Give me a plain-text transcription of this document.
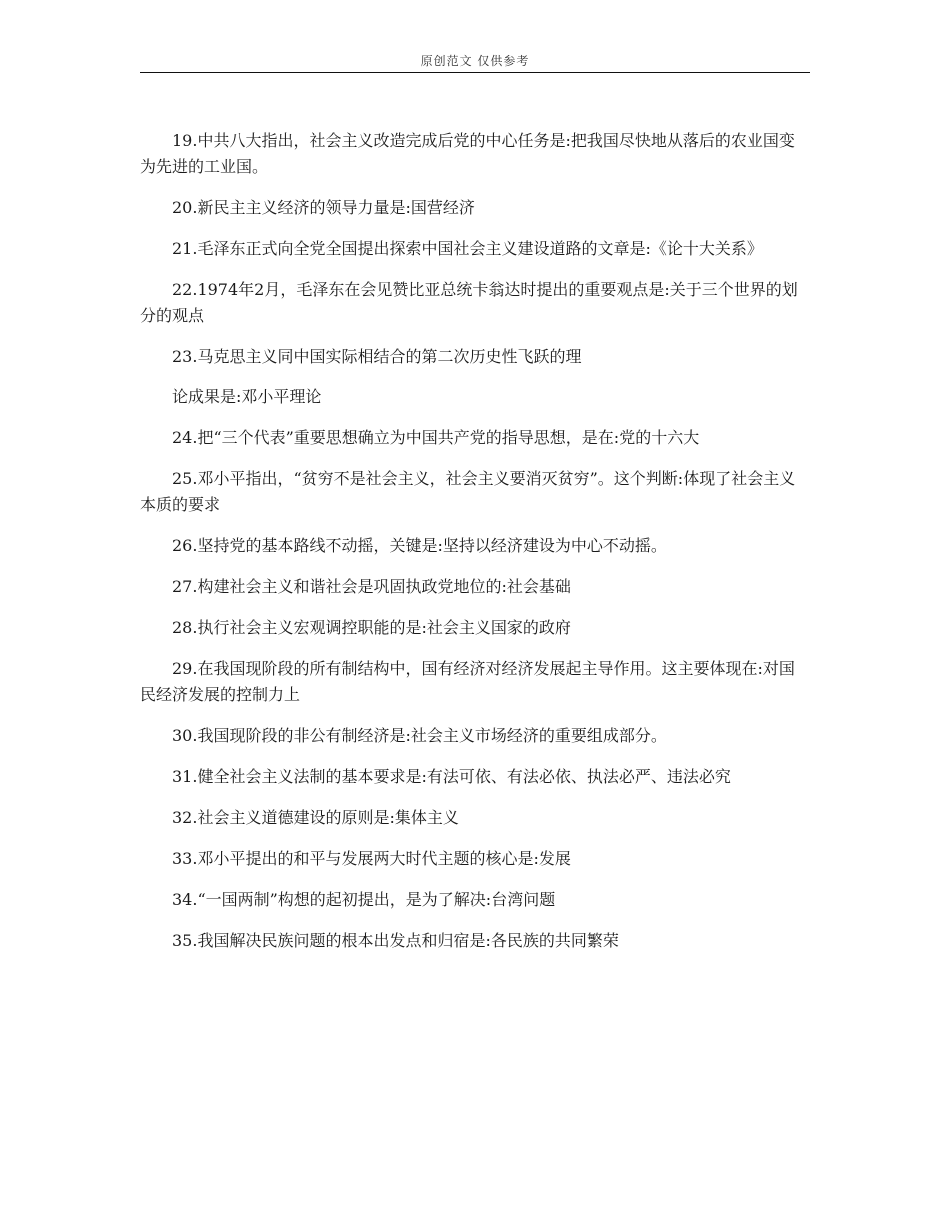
原创范文 仅供参考

19.中共八大指出，社会主义改造完成后党的中心任务是:把我国尽快地从落后的农业国变为先进的工业国。

20.新民主主义经济的领导力量是:国营经济

21.毛泽东正式向全党全国提出探索中国社会主义建设道路的文章是:《论十大关系》

22.1974年2月，毛泽东在会见赞比亚总统卡翁达时提出的重要观点是:关于三个世界的划分的观点

23.马克思主义同中国实际相结合的第二次历史性飞跃的理

论成果是:邓小平理论

24.把“三个代表”重要思想确立为中国共产党的指导思想，是在:党的十六大

25.邓小平指出，“贫穷不是社会主义，社会主义要消灭贫穷”。这个判断:体现了社会主义本质的要求

26.坚持党的基本路线不动摇，关键是:坚持以经济建设为中心不动摇。

27.构建社会主义和谐社会是巩固执政党地位的:社会基础

28.执行社会主义宏观调控职能的是:社会主义国家的政府

29.在我国现阶段的所有制结构中，国有经济对经济发展起主导作用。这主要体现在:对国民经济发展的控制力上

30.我国现阶段的非公有制经济是:社会主义市场经济的重要组成部分。

31.健全社会主义法制的基本要求是:有法可依、有法必依、执法必严、违法必究

32.社会主义道德建设的原则是:集体主义

33.邓小平提出的和平与发展两大时代主题的核心是:发展

34.“一国两制”构想的起初提出，是为了解决:台湾问题

35.我国解决民族问题的根本出发点和归宿是:各民族的共同繁荣
